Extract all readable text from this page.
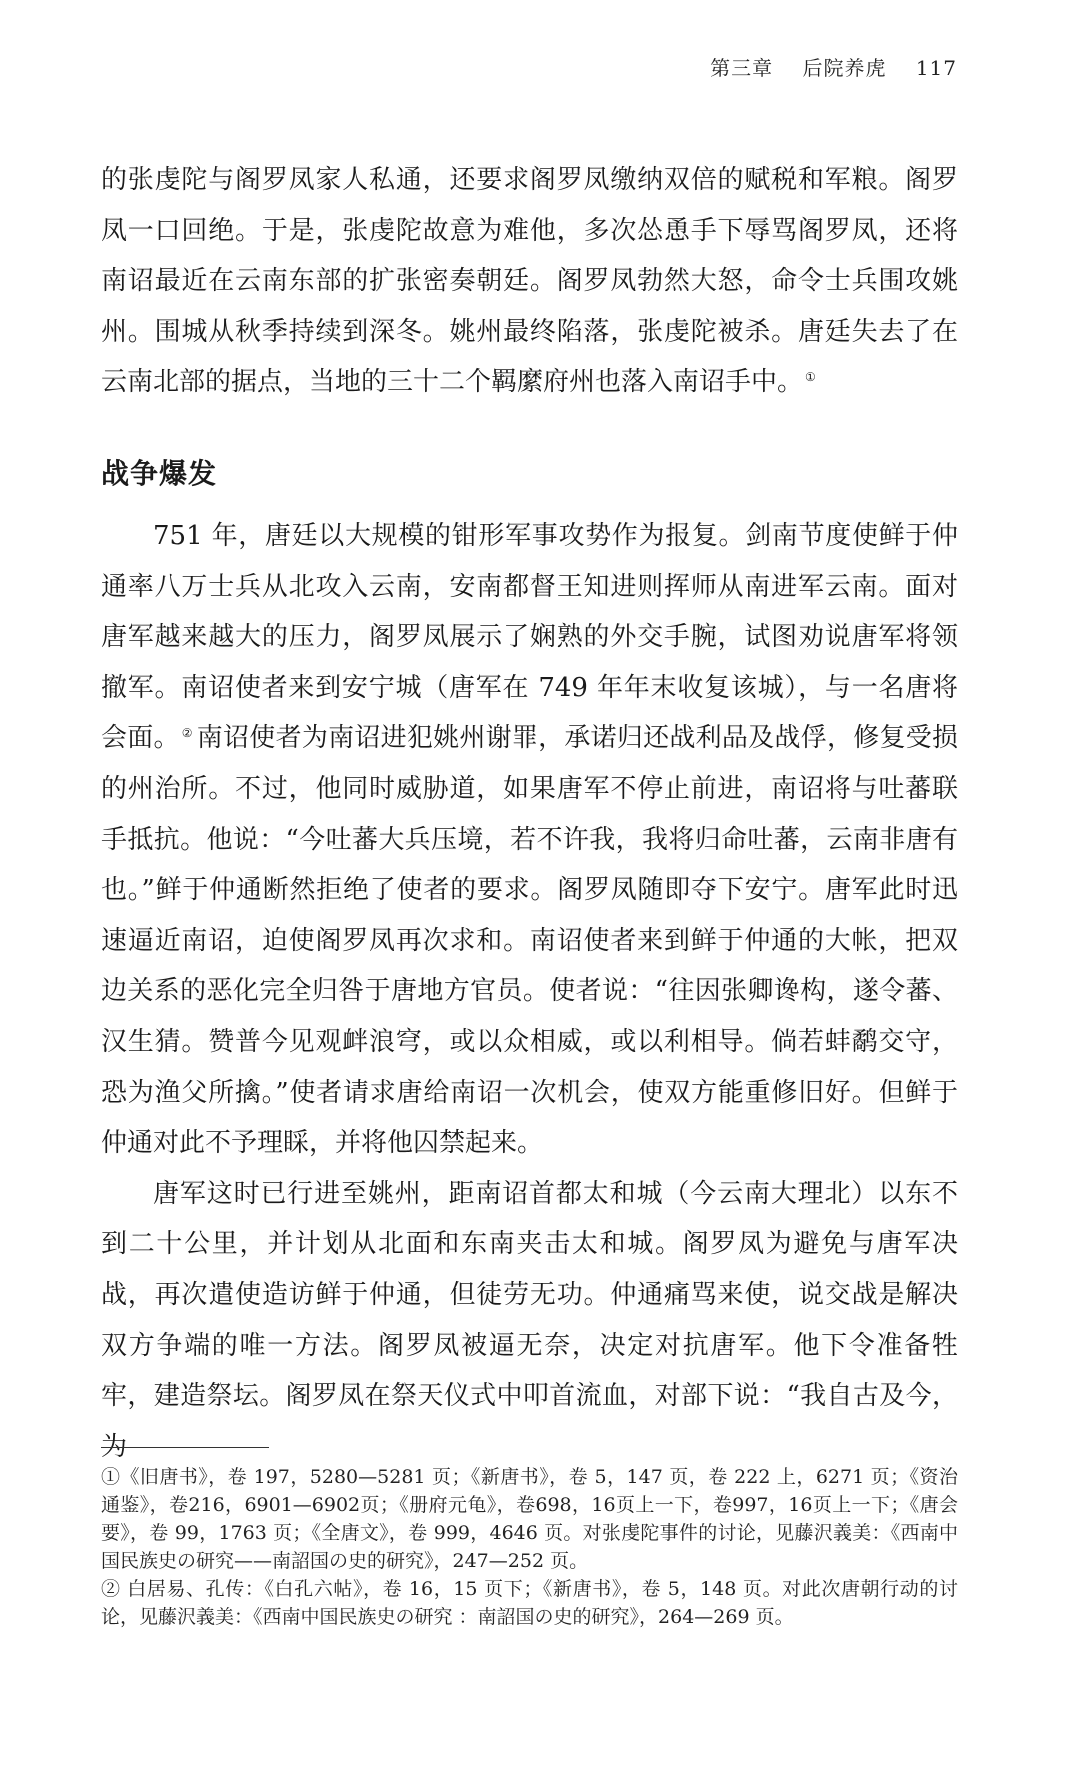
第三章 后院养虎 117

的张虔陀与阁罗凤家人私通，还要求阁罗凤缴纳双倍的赋税和军粮。阁罗凤一口回绝。于是，张虔陀故意为难他，多次怂恿手下辱骂阁罗凤，还将南诏最近在云南东部的扩张密奏朝廷。阁罗凤勃然大怒，命令士兵围攻姚州。围城从秋季持续到深冬。姚州最终陷落，张虔陀被杀。唐廷失去了在云南北部的据点，当地的三十二个羁縻府州也落入南诏手中。 ①

战争爆发

751 年，唐廷以大规模的钳形军事攻势作为报复。剑南节度使鲜于仲通率八万士兵从北攻入云南，安南都督王知进则挥师从南进军云南。面对唐军越来越大的压力，阁罗凤展示了娴熟的外交手腕，试图劝说唐军将领撤军。南诏使者来到安宁城（唐军在 749 年年末收复该城），与一名唐将会面。 ② 南诏使者为南诏进犯姚州谢罪，承诺归还战利品及战俘，修复受损的州治所。不过，他同时威胁道，如果唐军不停止前进，南诏将与吐蕃联手抵抗。他说：“今吐蕃大兵压境，若不许我，我将归命吐蕃，云南非唐有也。”鲜于仲通断然拒绝了使者的要求。阁罗凤随即夺下安宁。唐军此时迅速逼近南诏，迫使阁罗凤再次求和。南诏使者来到鲜于仲通的大帐，把双边关系的恶化完全归咎于唐地方官员。使者说：“往因张卿谗构，遂令蕃、汉生猜。赞普今见观衅浪穹，或以众相威，或以利相导。倘若蚌鹬交守，恐为渔父所擒。”使者请求唐给南诏一次机会，使双方能重修旧好。但鲜于仲通对此不予理睬，并将他囚禁起来。

唐军这时已行进至姚州，距南诏首都太和城（今云南大理北）以东不到二十公里，并计划从北面和东南夹击太和城。阁罗凤为避免与唐军决战，再次遣使造访鲜于仲通，但徒劳无功。仲通痛骂来使，说交战是解决双方争端的唯一方法。阁罗凤被逼无奈，决定对抗唐军。他下令准备牲牢，建造祭坛。阁罗凤在祭天仪式中叩首流血，对部下说：“我自古及今，为

①《旧唐书》，卷 197，5280—5281 页；《新唐书》，卷 5，147 页，卷 222 上，6271 页；《资治通鉴》，卷216，6901—6902页；《册府元龟》，卷698，16页上一下，卷997，16页上一下；《唐会要》，卷 99，1763 页；《全唐文》，卷 999，4646 页。对张虔陀事件的讨论，见藤沢義美：《西南中国民族史の研究——南詔国の史的研究》，247—252 页。

② 白居易、孔传：《白孔六帖》，卷 16，15 页下；《新唐书》，卷 5，148 页。对此次唐朝行动的讨论，见藤沢義美：《西南中国民族史の研究 ：南詔国の史的研究》，264—269 页。
